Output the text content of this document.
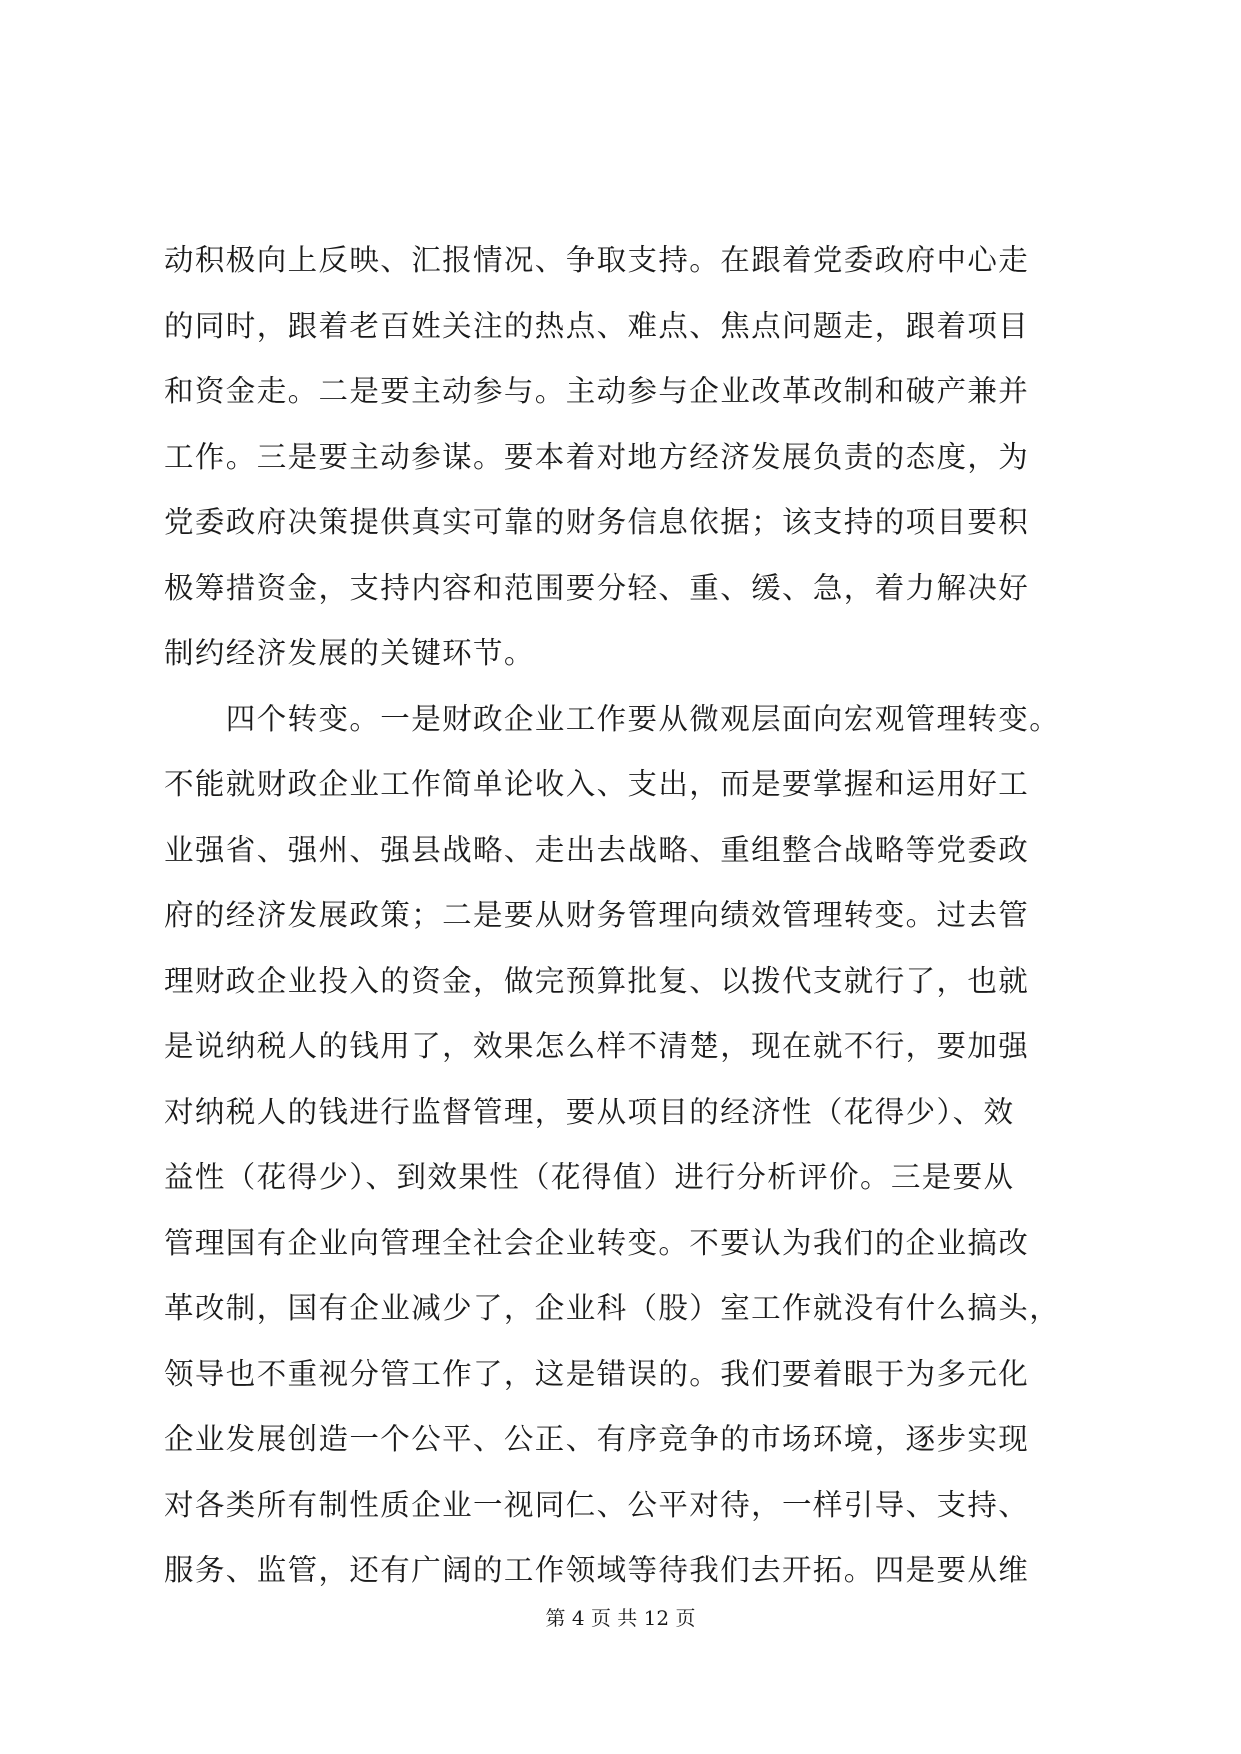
动积极向上反映、汇报情况、争取支持。在跟着党委政府中心走
的同时，跟着老百姓关注的热点、难点、焦点问题走，跟着项目
和资金走。二是要主动参与。主动参与企业改革改制和破产兼并
工作。三是要主动参谋。要本着对地方经济发展负责的态度，为
党委政府决策提供真实可靠的财务信息依据；该支持的项目要积
极筹措资金，支持内容和范围要分轻、重、缓、急，着力解决好
制约经济发展的关键环节。
　　四个转变。一是财政企业工作要从微观层面向宏观管理转变。
不能就财政企业工作简单论收入、支出，而是要掌握和运用好工
业强省、强州、强县战略、走出去战略、重组整合战略等党委政
府的经济发展政策；二是要从财务管理向绩效管理转变。过去管
理财政企业投入的资金，做完预算批复、以拨代支就行了，也就
是说纳税人的钱用了，效果怎么样不清楚，现在就不行，要加强
对纳税人的钱进行监督管理，要从项目的经济性（花得少）、效
益性（花得少）、到效果性（花得值）进行分析评价。三是要从
管理国有企业向管理全社会企业转变。不要认为我们的企业搞改
革改制，国有企业减少了，企业科（股）室工作就没有什么搞头，
领导也不重视分管工作了，这是错误的。我们要着眼于为多元化
企业发展创造一个公平、公正、有序竞争的市场环境，逐步实现
对各类所有制性质企业一视同仁、公平对待，一样引导、支持、
服务、监管，还有广阔的工作领域等待我们去开拓。四是要从维
第 4 页 共 12 页
